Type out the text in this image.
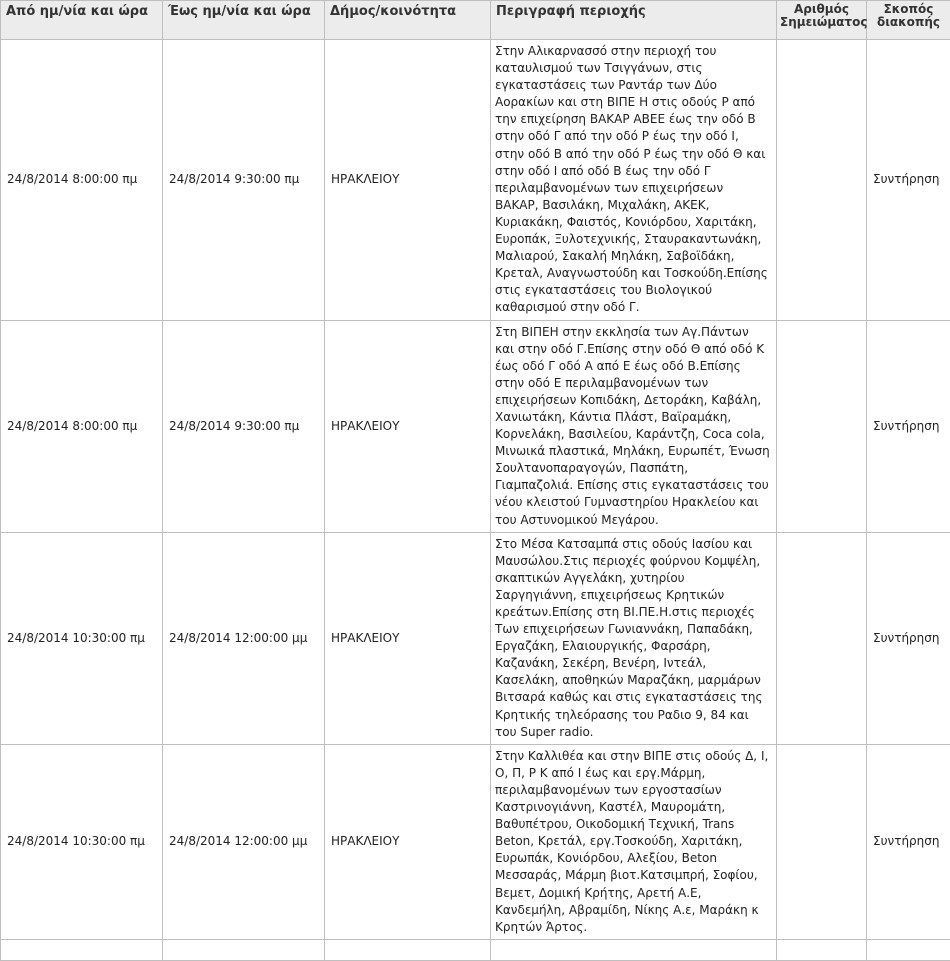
Από ημ/νία και ώρα	Έως ημ/νία και ώρα	Δήμος/κοινότητα	Περιγραφή περιοχής	Αριθμός Σημειώματος	Σκοπός διακοπής
24/8/2014 8:00:00 πμ	24/8/2014 9:30:00 πμ	ΗΡΑΚΛΕΙΟΥ	Στην Αλικαρνασσό στην περιοχή του καταυλισμού των Τσιγγάνων, στις εγκαταστάσεις των Ραντάρ των Δύο Αορακίων και στη ΒΙΠΕ Η στις οδούς Ρ από την επιχείρηση ΒΑΚΑΡ ΑΒΕΕ έως την οδό Β στην οδό Γ από την οδό Ρ έως την οδό Ι, στην οδό Β από την οδό Ρ έως την οδό Θ και στην οδό Ι από οδό Β έως την οδό Γ περιλαμβανομένων των επιχειρήσεων ΒΑΚΑΡ, Βασιλάκη, Μιχαλάκη, ΑΚΕΚ, Κυριακάκη, Φαιστός, Κονιόρδου, Χαριτάκη, Ευροπάκ, Ξυλοτεχνικής, Σταυρακαντωνάκη, Μαλιαρού, Σακαλή Μηλάκη, Σαβοϊδάκη, Κρεταλ, Αναγνωστούδη και Τοσκούδη.Επίσης στις εγκαταστάσεις του Βιολογικού καθαρισμού στην οδό Γ.		Συντήρηση
24/8/2014 8:00:00 πμ	24/8/2014 9:30:00 πμ	ΗΡΑΚΛΕΙΟΥ	Στη ΒΙΠΕΗ στην εκκλησία των Αγ.Πάντων και στην οδό Γ.Επίσης στην οδό Θ από οδό Κ έως οδό Γ οδό Α από Ε έως οδό Β.Επίσης στην οδό Ε περιλαμβανομένων των επιχειρήσεων Κοπιδάκη, Δετοράκη, Καβάλη, Χανιωτάκη, Κάντια Πλάστ, Βαϊραμάκη, Κορνελάκη, Βασιλείου, Καράντζη, Coca cola, Μινωικά πλαστικά, Μηλάκη, Ευρωπέτ, Ένωση Σουλτανοπαραγογών, Πασπάτη, Γιαμπαζολιά. Επίσης στις εγκαταστάσεις του νέου κλειστού Γυμναστηρίου Ηρακλείου και του Αστυνομικού Μεγάρου.		Συντήρηση
24/8/2014 10:30:00 πμ	24/8/2014 12:00:00 μμ	ΗΡΑΚΛΕΙΟΥ	Στο Μέσα Κατσαμπά στις οδούς Ιασίου και Μαυσώλου.Στις περιοχές φούρνου Κομψέλη, σκαπτικών Αγγελάκη, χυτηρίου Σαργηγιάννη, επιχειρήσεως Κρητικών κρεάτων.Επίσης στη ΒΙ.ΠΕ.Η.στις περιοχές Των επιχειρήσεων Γωνιαννάκη, Παπαδάκη, Εργαζάκη, Ελαιουργικής, Φαρσάρη, Καζανάκη, Σεκέρη, Βενέρη, Ιντεάλ, Κασελάκη, αποθηκών Μαραζάκη, μαρμάρων Βιτσαρά καθώς και στις εγκαταστάσεις της Κρητικής τηλεόρασης του Ραδιο 9, 84 και του Super radio.		Συντήρηση
24/8/2014 10:30:00 πμ	24/8/2014 12:00:00 μμ	ΗΡΑΚΛΕΙΟΥ	Στην Καλλιθέα και στην ΒΙΠΕ στις οδούς Δ, Ι, Ο, Π, Ρ Κ από Ι έως και εργ.Μάρμη, περιλαμβανομένων των εργοστασίων Καστρινογιάννη, Καστέλ, Μαυρομάτη, Βαθυπέτρου, Οικοδομική Τεχνική, Trans Beton, Κρετάλ, εργ.Τοσκούδη, Χαριτάκη, Ευρωπάκ, Κονιόρδου, Αλεξίου, Beton Μεσσαράς, Μάρμη βιοτ.Κατσιμπρή, Σοφίου, Βεμετ, Δομική Κρήτης, Αρετή Α.Ε, Κανδεμήλη, Αβραμίδη, Νίκης Α.ε, Μαράκη κ Κρητών Άρτος.		Συντήρηση
